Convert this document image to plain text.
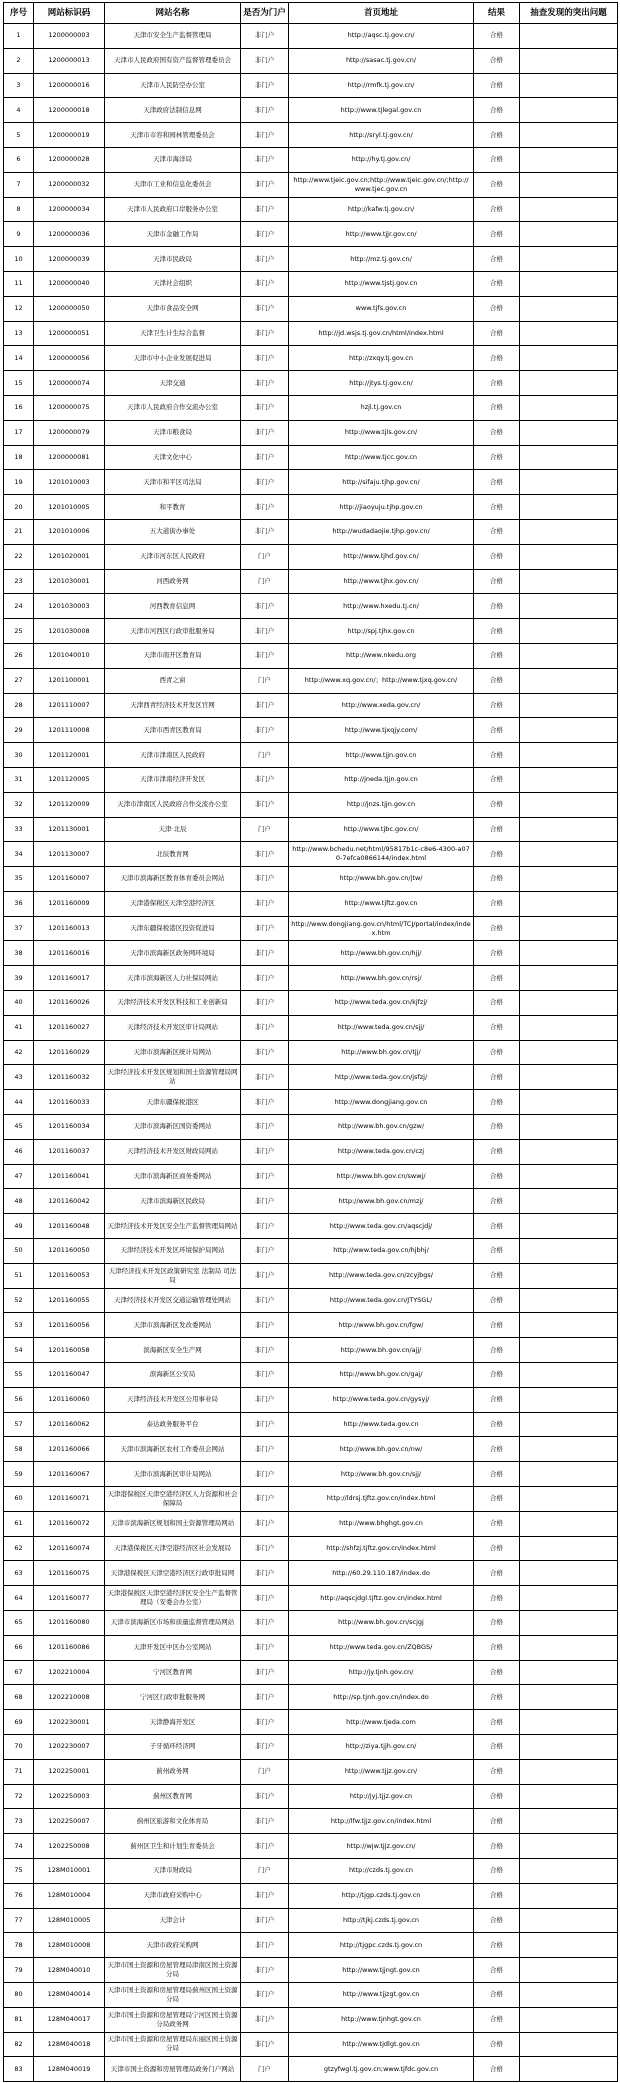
序号	网站标识码	网站名称	是否为门户	首页地址	结果	抽查发现的突出问题
1	1200000003	天津市安全生产监督管理局	非门户	http://aqsc.tj.gov.cn/	合格	
2	1200000013	天津市人民政府国有资产监督管理委员会	非门户	http://sasac.tj.gov.cn/	合格	
3	1200000016	天津市人民防空办公室	非门户	http://rmfk.tj.gov.cn/	合格	
4	1200000018	天津政府法制信息网	非门户	http://www.tjlegal.gov.cn	合格	
5	1200000019	天津市市容和园林管理委员会	非门户	http://sryl.tj.gov.cn/	合格	
6	1200000028	天津市海洋局	非门户	http://hy.tj.gov.cn/	合格	
7	1200000032	天津市工业和信息化委员会	非门户	http://www.tjeic.gov.cn;http://www.tjeic.gov.cn/;http://www.tjec.gov.cn	合格	
8	1200000034	天津市人民政府口岸服务办公室	非门户	http://kafw.tj.gov.cn/	合格	
9	1200000036	天津市金融工作局	非门户	http://www.tjjr.gov.cn/	合格	
10	1200000039	天津市民政局	非门户	http://mz.tj.gov.cn/	合格	
11	1200000040	天津社会组织	非门户	http://www.tjstj.gov.cn	合格	
12	1200000050	天津市食品安全网	非门户	www.tjfs.gov.cn	合格	
13	1200000051	天津卫生计生综合监督	非门户	http://jd.wsjs.tj.gov.cn/html/index.html	合格	
14	1200000056	天津市中小企业发展促进局	非门户	http://zxqy.tj.gov.cn	合格	
15	1200000074	天津交通	非门户	http://jtys.tj.gov.cn/	合格	
16	1200000075	天津市人民政府合作交流办公室	非门户	hzjl.tj.gov.cn	合格	
17	1200000079	天津市粮食局	非门户	http://www.tjls.gov.cn/	合格	
18	1200000081	天津文化中心	非门户	http://www.tjcc.gov.cn	合格	
19	1201010003	天津市和平区司法局	非门户	http://sifaju.tjhp.gov.cn/	合格	
20	1201010005	和平教育	非门户	http://jiaoyuju.tjhp.gov.cn	合格	
21	1201010006	五大道街办事处	非门户	http://wudadaojie.tjhp.gov.cn/	合格	
22	1201020001	天津市河东区人民政府	门户	http://www.tjhd.gov.cn/	合格	
23	1201030001	河西政务网	门户	http://www.tjhx.gov.cn/	合格	
24	1201030003	河西教育信息网	非门户	http://www.hxedu.tj.cn/	合格	
25	1201030008	天津市河西区行政审批服务局	非门户	http://spj.tjhx.gov.cn	合格	
26	1201040010	天津市南开区教育局	非门户	http://www.nkedu.org	合格	
27	1201100001	西青之窗	门户	http://www.xq.gov.cn/；http://www.tjxq.gov.cn/	合格	
28	1201110007	天津西青经济技术开发区官网	非门户	http://www.xeda.gov.cn/	合格	
29	1201110008	天津市西青区教育局	非门户	http://www.tjxqjy.com/	合格	
30	1201120001	天津市津南区人民政府	门户	http://www.tjjn.gov.cn	合格	
31	1201120005	天津市津南经济开发区	非门户	http://jneda.tjjn.gov.cn	合格	
32	1201120009	天津市津南区人民政府合作交流办公室	非门户	http://jnzs.tjjn.gov.cn	合格	
33	1201130001	天津·北辰	门户	http://www.tjbc.gov.cn/	合格	
34	1201130007	北辰教育网	非门户	http://www.bchedu.net/html/95817b1c-c8e6-4300-a070-7efca0866144/index.html	合格	
35	1201160007	天津市滨海新区教育体育委员会网站	非门户	http://www.bh.gov.cn/jtw/	合格	
36	1201160009	天津港保税区天津空港经济区	非门户	http://www.tjftz.gov.cn	合格	
37	1201160013	天津东疆保税港区投资促进局	非门户	http://www.dongjiang.gov.cn/html/TCJ/portal/index/index.htm	合格	
38	1201160016	天津市滨海新区政务网环境局	非门户	http://www.bh.gov.cn/hjj/	合格	
39	1201160017	天津市滨海新区人力社保局网站	非门户	http://www.bh.gov.cn/rsj/	合格	
40	1201160026	天津经济技术开发区科技和工业创新局	非门户	http://www.teda.gov.cn/kjfzj/	合格	
41	1201160027	天津经济技术开发区审计局网站	非门户	http://www.teda.gov.cn/sjj/	合格	
42	1201160029	天津市滨海新区统计局网站	非门户	http://www.bh.gov.cn/tjj/	合格	
43	1201160032	天津经济技术开发区规划和国土资源管理局网站	非门户	http://www.teda.gov.cn/jsfzj/	合格	
44	1201160033	天津东疆保税港区	非门户	http://www.dongjiang.gov.cn	合格	
45	1201160034	天津市滨海新区国资委网站	非门户	http://www.bh.gov.cn/gzw/	合格	
46	1201160037	天津经济技术开发区财政局网站	非门户	http://www.teda.gov.cn/czj	合格	
47	1201160041	天津市滨海新区商务委网站	非门户	http://www.bh.gov.cn/swwj/	合格	
48	1201160042	天津市滨海新区民政局	非门户	http://www.bh.gov.cn/mzj/	合格	
49	1201160048	天津经济技术开发区安全生产监督管理局网站	非门户	http://www.teda.gov.cn/aqscjdj/	合格	
50	1201160050	天津经济技术开发区环境保护局网站	非门户	http://www.teda.gov.cn/hjbhj/	合格	
51	1201160053	天津经济技术开发区政策研究室 法制局 司法局	非门户	http://www.teda.gov.cn/zcyjbgs/	合格	
52	1201160055	天津经济技术开发区交通运输管理处网站	非门户	http://www.teda.gov.cn/JTYSGL/	合格	
53	1201160056	天津市滨海新区发改委网站	非门户	http://www.bh.gov.cn/fgw/	合格	
54	1201160058	滨海新区安全生产网	非门户	http://www.bh.gov.cn/ajj/	合格	
55	1201160047	滨海新区公安局	非门户	http://www.bh.gov.cn/gaj/	合格	
56	1201160060	天津经济技术开发区公用事业局	非门户	http://www.teda.gov.cn/gysyj/	合格	
57	1201160062	泰达政务服务平台	非门户	http://www.teda.gov.cn	合格	
58	1201160066	天津市滨海新区农村工作委员会网站	非门户	http://www.bh.gov.cn/nw/	合格	
59	1201160067	天津市滨海新区审计局网站	非门户	http://www.bh.gov.cn/sjj/	合格	
60	1201160071	天津港保税区天津空港经济区人力资源和社会保障局	非门户	http://ldrsj.tjftz.gov.cn/index.html	合格	
61	1201160072	天津市滨海新区规划和国土资源管理局网站	非门户	http://www.bhghgt.gov.cn	合格	
62	1201160074	天津港保税区天津空港经济区社会发展局	非门户	http://shfzj.tjftz.gov.cn/index.html	合格	
63	1201160075	天津港保税区天津空港经济区行政审批局网	非门户	http://60.29.110.187/index.do	合格	
64	1201160077	天津港保税区天津空港经济区安全生产监督管理局（安委会办公室）	非门户	http://aqscjdgl.tjftz.gov.cn/index.html	合格	
65	1201160080	天津市滨海新区市场和质量监督管理局网站	非门户	http://www.bh.gov.cn/scjgj	合格	
66	1201160086	天津开发区中区办公室网站	非门户	http://www.teda.gov.cn/ZQBGS/	合格	
67	1202210004	宁河区教育网	非门户	http://jy.tjnh.gov.cn/	合格	
68	1202210008	宁河区行政审批服务网	非门户	http://sp.tjnh.gov.cn/index.do	合格	
69	1202230001	天津静海开发区	非门户	http://www.tjeda.com	合格	
70	1202230007	子牙循环经济网	非门户	http://ziya.tjjh.gov.cn/	合格	
71	1202250001	蓟州政务网	门户	http://www.tjjz.gov.cn/	合格	
72	1202250003	蓟州区教育网	非门户	http://jyj.tjjz.gov.cn	合格	
73	1202250007	蓟州区旅游和文化体育局	非门户	http://lfw.tjjz.gov.cn/index.html	合格	
74	1202250008	蓟州区卫生和计划生育委员会	非门户	http://wjw.tjjz.gov.cn/	合格	
75	128M010001	天津市财政局	门户	http://czds.tj.gov.cn	合格	
76	128M010004	天津市政府采购中心	非门户	http://tjgp.czds.tj.gov.cn	合格	
77	128M010005	天津会计	非门户	http://tjkj.czds.tj.gov.cn	合格	
78	128M010008	天津市政府采购网	非门户	http://tjgpc.czds.tj.gov.cn	合格	
79	128M040010	天津市国土资源和房屋管理局津南区国土资源分局	非门户	http://www.tjjngt.gov.cn	合格	
80	128M040014	天津市国土资源和房屋管理局蓟州区国土资源分局	非门户	http://www.tjjzgt.gov.cn	合格	
81	128M040017	天津市国土资源和房屋管理局宁河区国土资源分局政务网	非门户	http://www.tjnhgt.gov.cn	合格	
82	128M040018	天津市国土资源和房屋管理局东丽区国土资源分局	非门户	http://www.tjdlgt.gov.cn	合格	
83	128M040019	天津市国土资源和房屋管理局政务门户网站	门户	gtzyfwgl.tj.gov.cn;www.tjfdc.gov.cn	合格	
